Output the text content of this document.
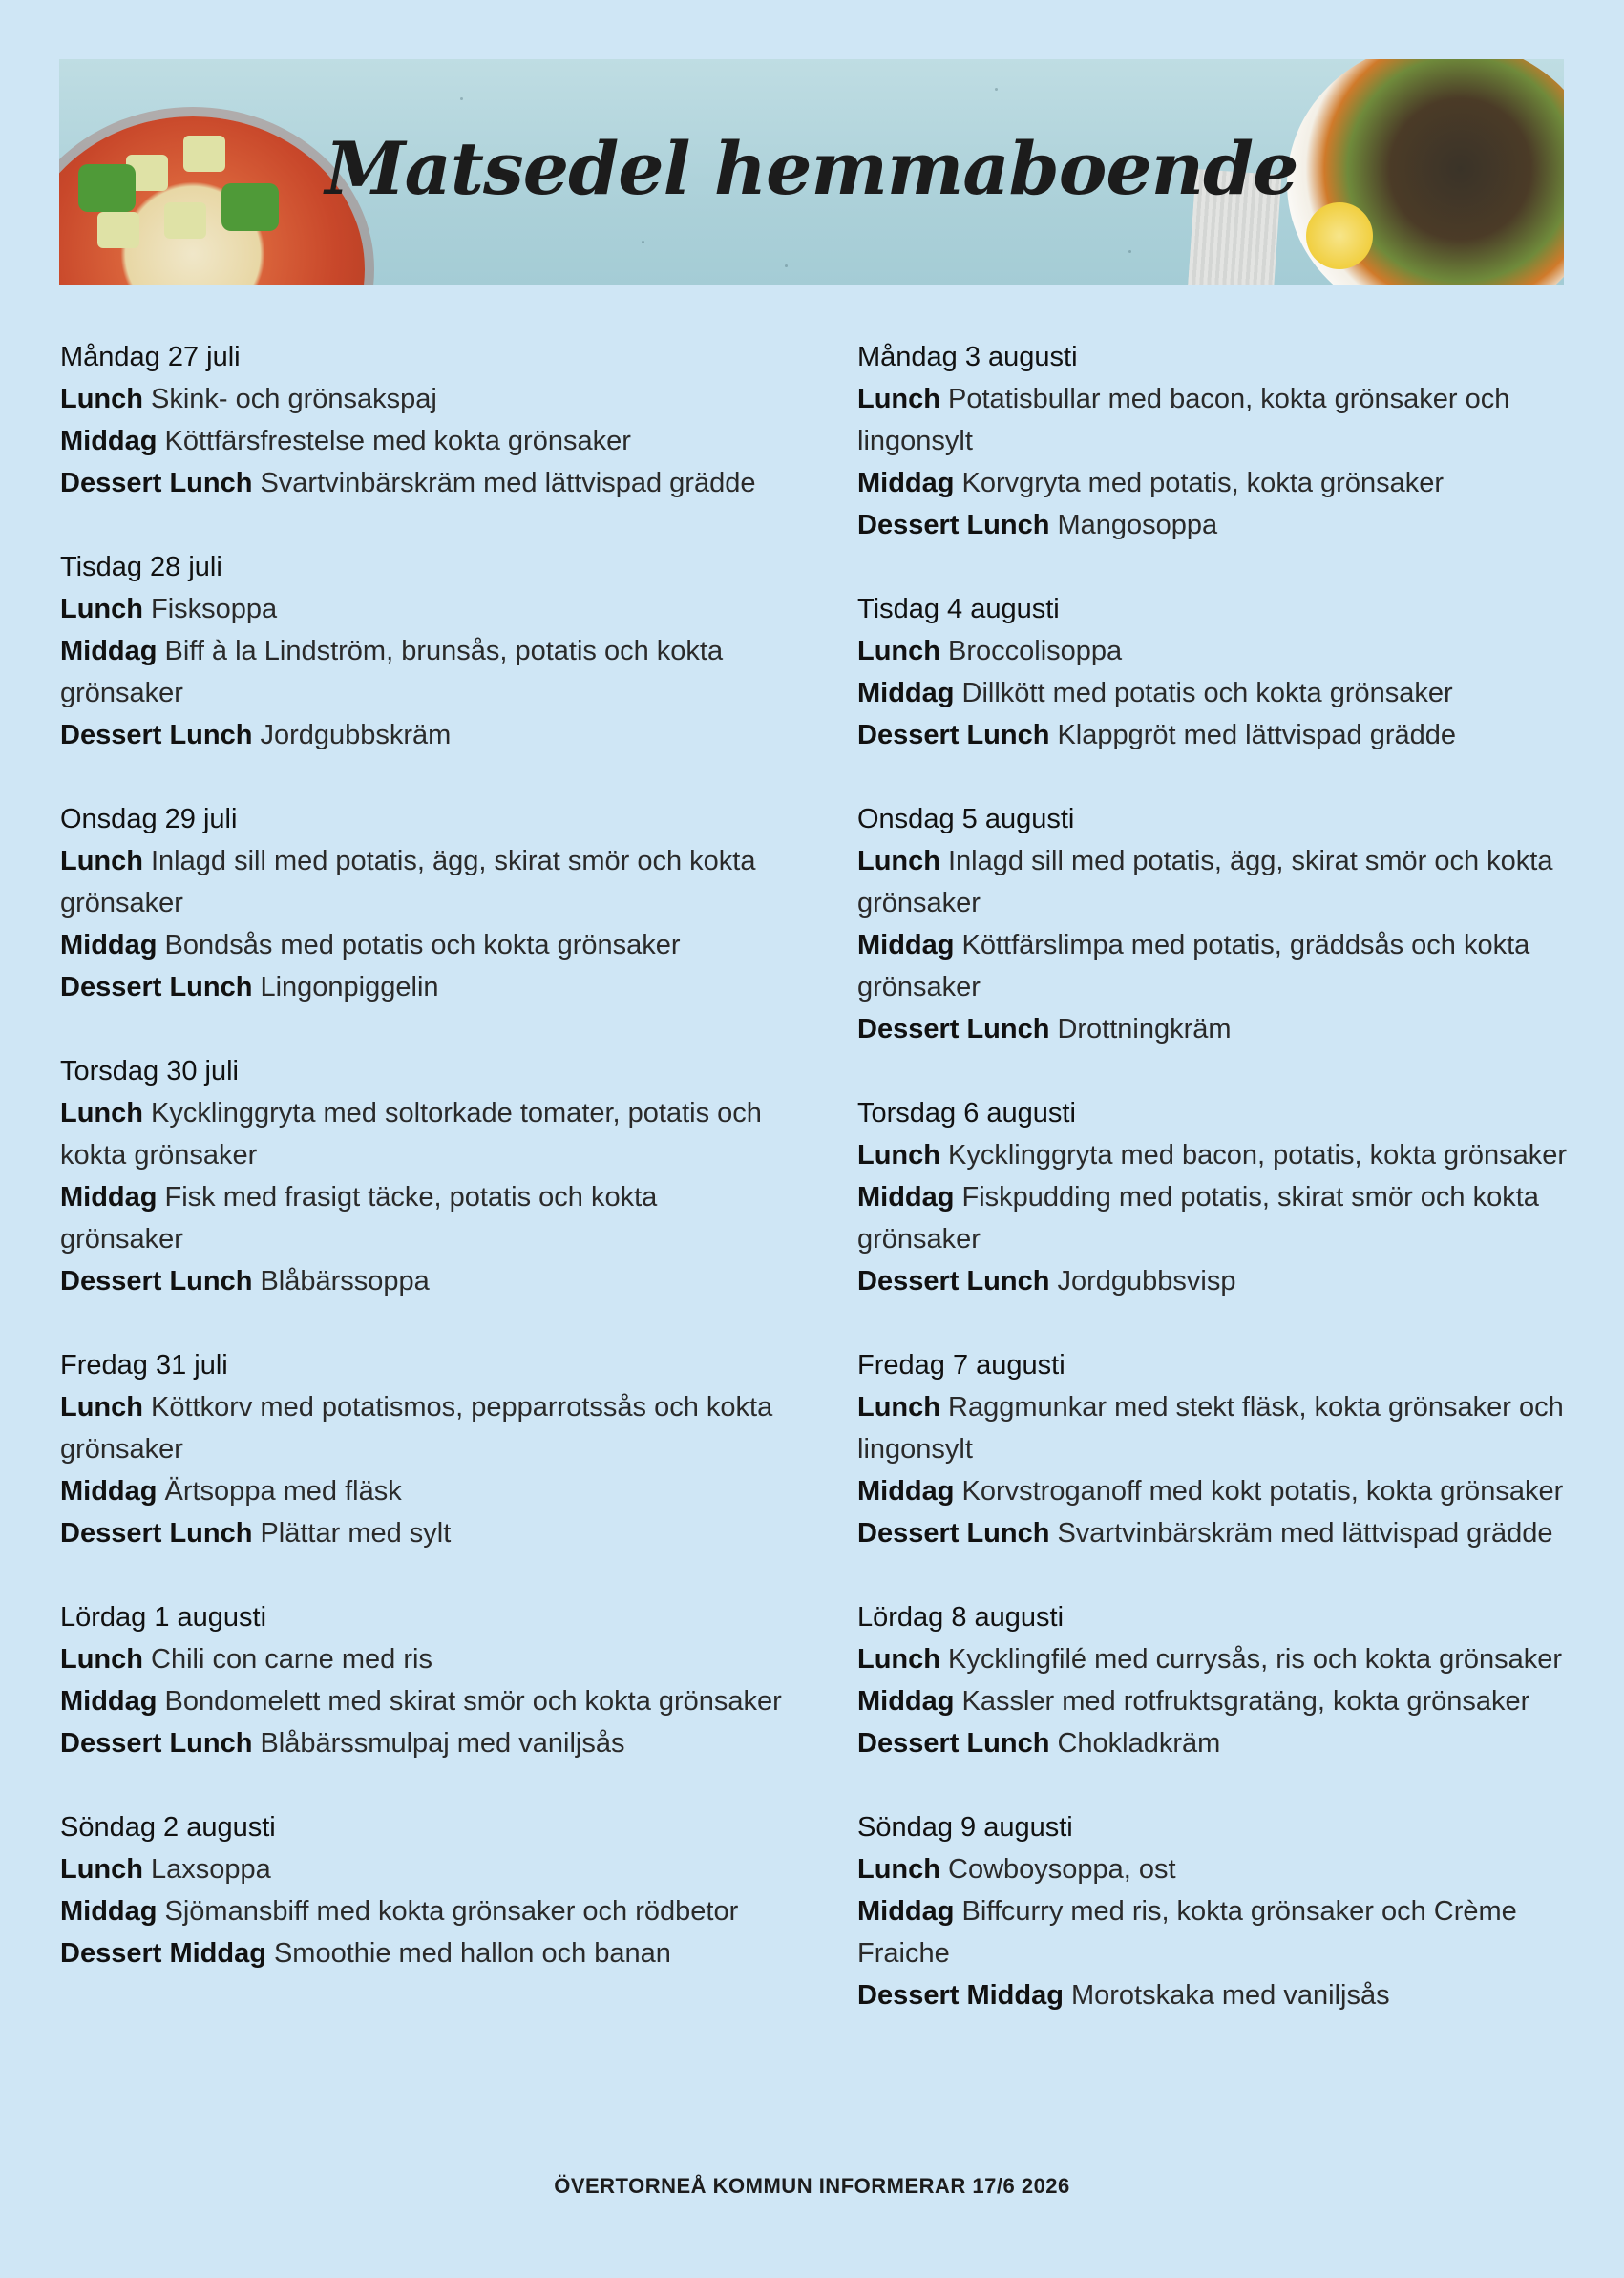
Matsedel hemmaboende

Måndag 27 juli

Lunch Skink- och grönsakspaj

Middag Köttfärsfrestelse med kokta grönsaker

Dessert Lunch Svartvinbärskräm med lättvispad grädde

Tisdag 28 juli

Lunch Fisksoppa

Middag Biff à la Lindström, brunsås, potatis och kokta grönsaker

Dessert Lunch Jordgubbskräm

Onsdag 29 juli

Lunch Inlagd sill med potatis, ägg, skirat smör och kokta grönsaker

Middag Bondsås med potatis och kokta grönsaker

Dessert Lunch Lingonpiggelin

Torsdag 30 juli

Lunch Kycklinggryta med soltorkade tomater, potatis och kokta grönsaker

Middag Fisk med frasigt täcke, potatis och kokta grönsaker

Dessert Lunch Blåbärssoppa

Fredag 31 juli

Lunch Köttkorv med potatismos, pepparrotssås och kokta grönsaker

Middag Ärtsoppa med fläsk

Dessert Lunch Plättar med sylt

Lördag 1 augusti

Lunch Chili con carne med ris

Middag Bondomelett med skirat smör och kokta grönsaker

Dessert Lunch Blåbärssmulpaj med vaniljsås

Söndag 2 augusti

Lunch Laxsoppa

Middag Sjömansbiff med kokta grönsaker och rödbetor

Dessert Middag Smoothie med hallon och banan

Måndag 3 augusti

Lunch Potatisbullar med bacon, kokta grönsaker och lingonsylt

Middag Korvgryta med potatis, kokta grönsaker

Dessert Lunch Mangosoppa

Tisdag 4 augusti

Lunch Broccolisoppa

Middag Dillkött med potatis och kokta grönsaker

Dessert Lunch Klappgröt med lättvispad grädde

Onsdag 5 augusti

Lunch Inlagd sill med potatis, ägg, skirat smör och kokta grönsaker

Middag Köttfärslimpa med potatis, gräddsås och kokta grönsaker

Dessert Lunch Drottningkräm

Torsdag 6 augusti

Lunch Kycklinggryta med bacon, potatis, kokta grönsaker

Middag Fiskpudding med potatis, skirat smör och kokta grönsaker

Dessert Lunch Jordgubbsvisp

Fredag 7 augusti

Lunch Raggmunkar med stekt fläsk, kokta grönsaker och lingonsylt

Middag Korvstroganoff med kokt potatis, kokta grönsaker

Dessert Lunch Svartvinbärskräm med lättvispad grädde

Lördag 8 augusti

Lunch Kycklingfilé med currysås, ris och kokta grönsaker

Middag Kassler med rotfruktsgratäng, kokta grönsaker

Dessert Lunch Chokladkräm

Söndag 9 augusti

Lunch Cowboysoppa, ost

Middag Biffcurry med ris, kokta grönsaker och Crème Fraiche

Dessert Middag Morotskaka med vaniljsås

ÖVERTORNEÅ KOMMUN INFORMERAR 17/6 2026
